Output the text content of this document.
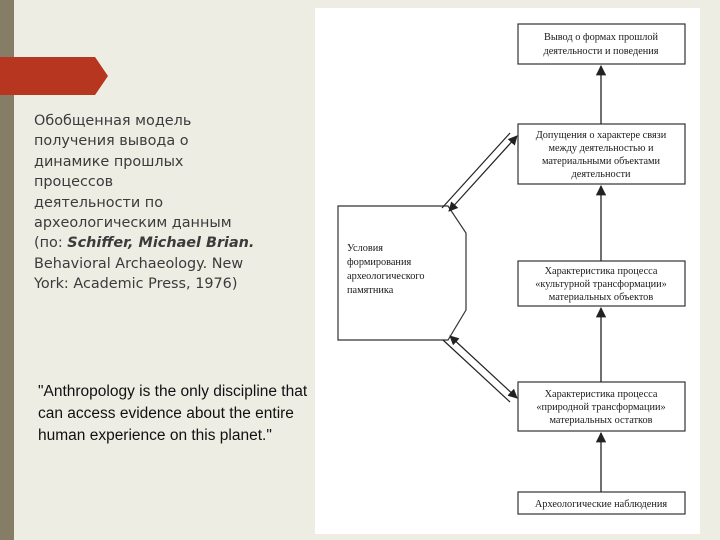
Обобщенная модель
получения вывода о
динамике прошлых
процессов
деятельности по
археологическим данным
(по: Schiffer, Michael Brian.
Behavioral Archaeology. New
York: Academic Press, 1976)
Вывод о формах прошлой
деятельности и поведения
Допущения о характере связи
между деятельностью и
материальными объектами
деятельности
Характеристика процесса
«культурной трансформации»
материальных объектов
Характеристика процесса
«природной трансформации»
материальных остатков
Археологические наблюдения
Условия
формирования
археологического
памятника
"Anthropology is the only discipline that
can access evidence about the entire
human experience on this planet."
